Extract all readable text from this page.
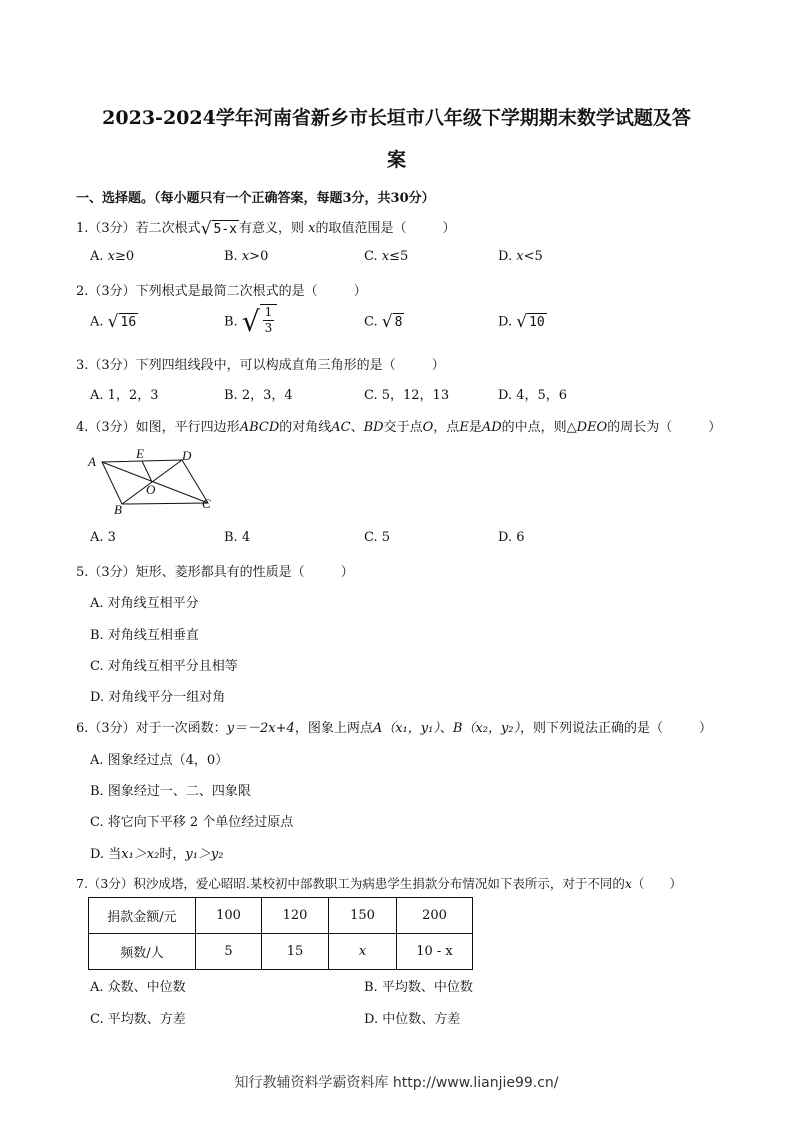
2023-2024学年河南省新乡市长垣市八年级下学期期末数学试题及答
案
一、选择题。（每小题只有一个正确答案，每题3分，共30分）
1.（3分）若二次根式 √ 5-x 有意义，则 x的取值范围是（	）
A. x≥0	B. x>0	C. x≤5	D. x<5
2.（3分）下列根式是最简二次根式的是（	）
A. √ 16	B. √ $\frac{1}{3}$	C. √ 8	D. √ 10
3.（3分）下列四组线段中，可以构成直角三角形的是（	）
A. 1，2，3	B. 2，3，4	C. 5，12，13	D. 4，5，6
4.（3分）如图，平行四边形ABCD的对角线AC、BD交于点O，点E是AD的中点，则△DEO的周长为（	）
A
E	D
O
B	C
A. 3	B. 4	C. 5	D. 6
5.（3分）矩形、菱形都具有的性质是（	）
A. 对角线互相平分
B. 对角线互相垂直
C. 对角线互相平分且相等
D. 对角线平分一组对角
6.（3分）对于一次函数：y＝－2x+4，图象上两点A（x₁，y₁）、B（x₂，y₂），则下列说法正确的是（	）
A. 图象经过点（4，0）
B. 图象经过一、二、四象限
C. 将它向下平移 2 个单位经过原点
D. 当x₁＞x₂时，y₁＞y₂
7.（3分）积沙成塔，爱心昭昭.某校初中部教职工为病患学生捐款分布情况如下表所示，对于不同的x（　　）
捐款金额/元	100	120	150	200
频数/人	5	15	x	10 - x
A. 众数、中位数	B. 平均数、中位数
C. 平均数、方差	D. 中位数、方差
知行教辅资料学霸资料库 http://www.lianjie99.cn/
